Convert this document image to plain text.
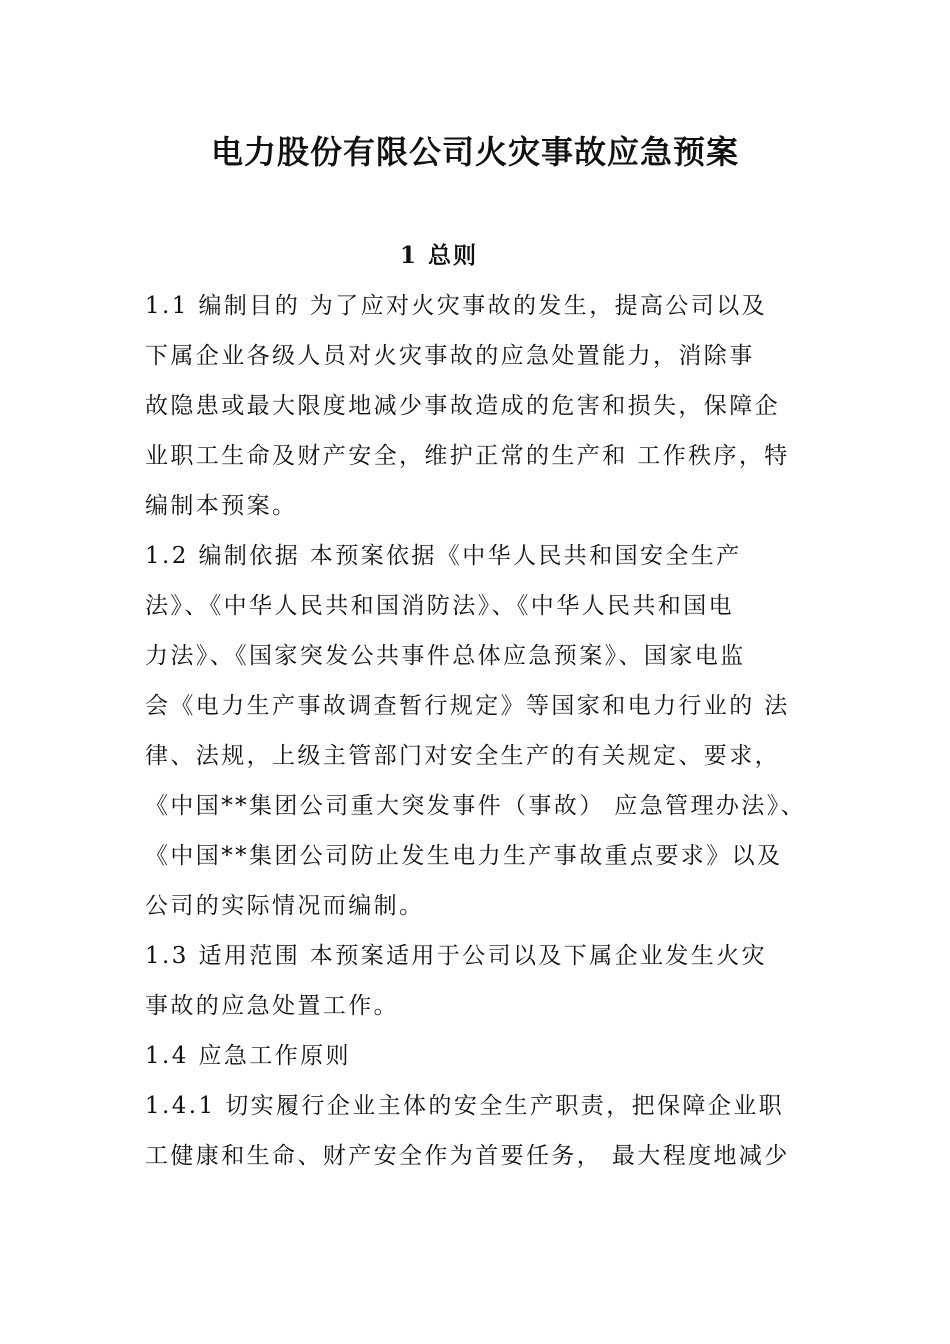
电力股份有限公司火灾事故应急预案
1 总则

1.1 编制目的 为了应对火灾事故的发生，提高公司以及

下属企业各级人员对火灾事故的应急处置能力，消除事

故隐患或最大限度地减少事故造成的危害和损失，保障企

业职工生命及财产安全，维护正常的生产和 工作秩序，特

编制本预案。

1.2 编制依据 本预案依据《中华人民共和国安全生产

法》、《中华人民共和国消防法》、《中华人民共和国电

力法》、《国家突发公共事件总体应急预案》、国家电监

会《电力生产事故调查暂行规定》等国家和电力行业的 法

律、法规，上级主管部门对安全生产的有关规定、要求，

《中国**集团公司重大突发事件（事故） 应急管理办法》、

《中国**集团公司防止发生电力生产事故重点要求》以及

公司的实际情况而编制。

1.3 适用范围 本预案适用于公司以及下属企业发生火灾

事故的应急处置工作。

1.4 应急工作原则

1.4.1 切实履行企业主体的安全生产职责，把保障企业职

工健康和生命、财产安全作为首要任务， 最大程度地减少
